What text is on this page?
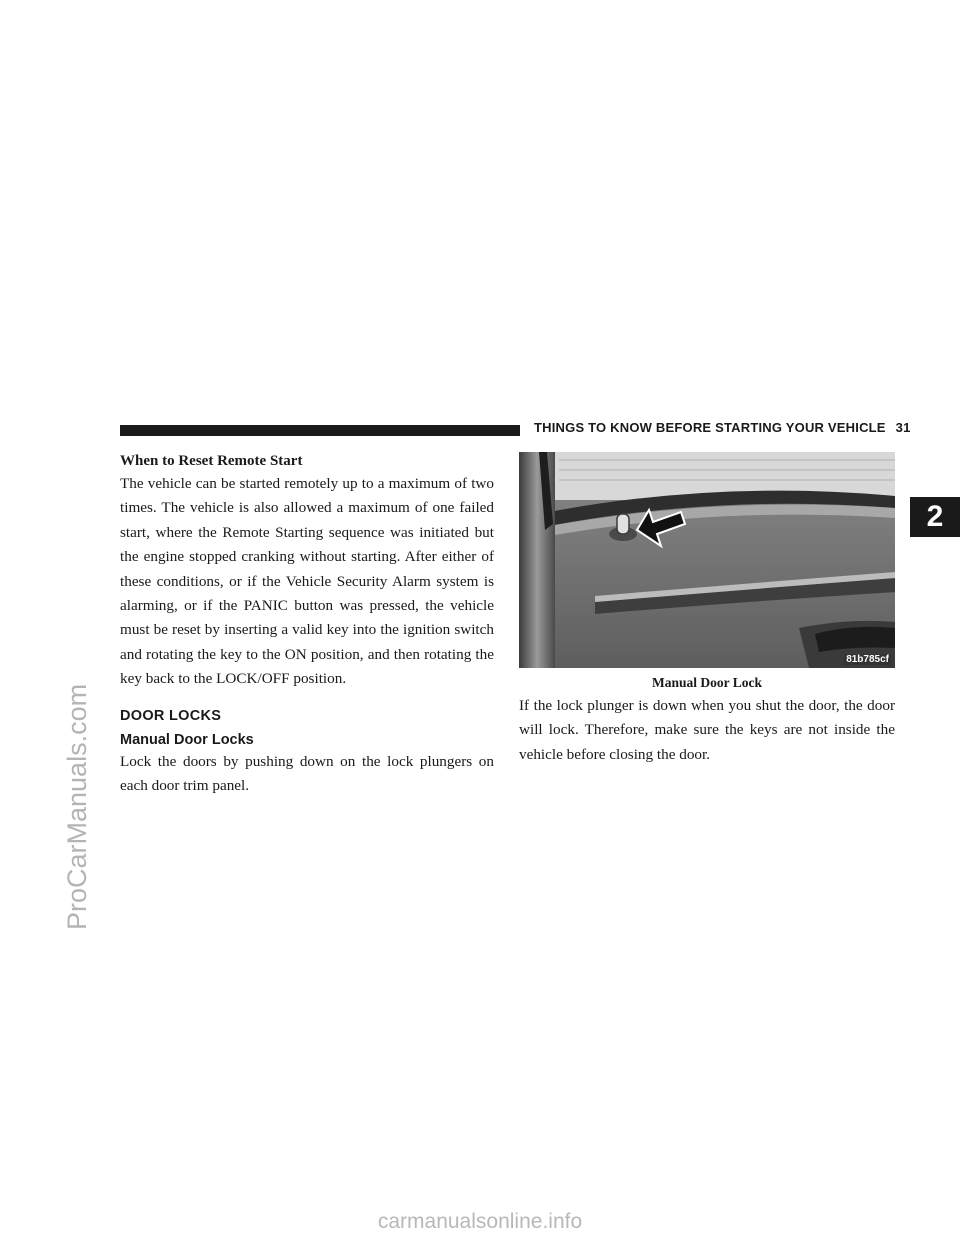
THINGS TO KNOW BEFORE STARTING YOUR VEHICLE 31
2
ProCarManuals.com

When to Reset Remote Start

The vehicle can be started remotely up to a maximum of two times. The vehicle is also allowed a maximum of one failed start, where the Remote Starting sequence was initiated but the engine stopped cranking without starting. After either of these conditions, or if the Vehicle Security Alarm system is alarming, or if the PANIC button was pressed, the vehicle must be reset by inserting a valid key into the ignition switch and rotating the key to the ON position, and then rotating the key back to the LOCK/OFF position.

DOOR LOCKS

Manual Door Locks

Lock the doors by pushing down on the lock plungers on each door trim panel.

81b785cf

Manual Door Lock

If the lock plunger is down when you shut the door, the door will lock. Therefore, make sure the keys are not inside the vehicle before closing the door.

carmanualsonline.info
